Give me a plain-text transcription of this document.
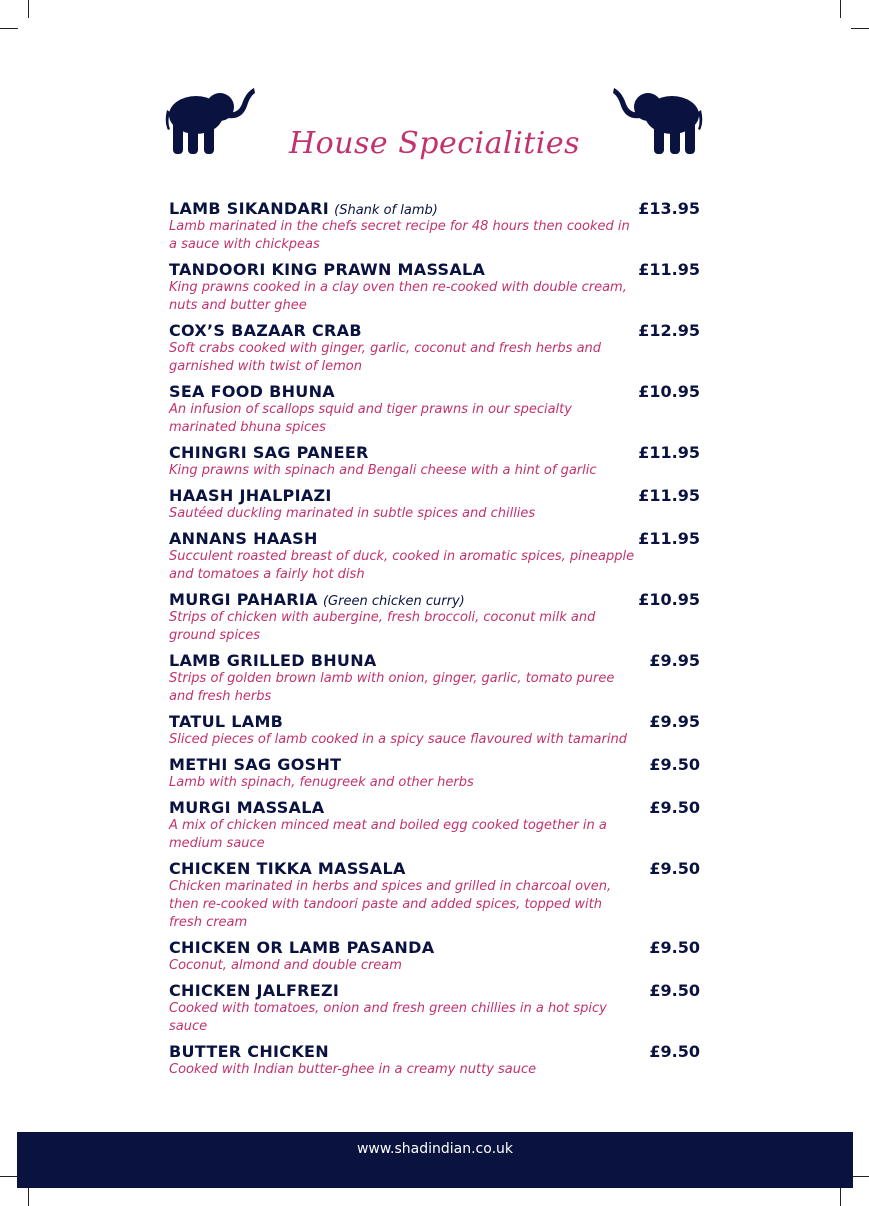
House Specialities
LAMB SIKANDARI (Shank of lamb)	£13.95
Lamb marinated in the chefs secret recipe for 48 hours then cooked in a sauce with chickpeas
TANDOORI KING PRAWN MASSALA	£11.95
King prawns cooked in a clay oven then re-cooked with double cream, nuts and butter ghee
COX’S BAZAAR CRAB	£12.95
Soft crabs cooked with ginger, garlic, coconut and fresh herbs and garnished with twist of lemon
SEA FOOD BHUNA	£10.95
An infusion of scallops squid and tiger prawns in our specialty marinated bhuna spices
CHINGRI SAG PANEER	£11.95
King prawns with spinach and Bengali cheese with a hint of garlic
HAASH JHALPIAZI	£11.95
Sautéed duckling marinated in subtle spices and chillies
ANNANS HAASH	£11.95
Succulent roasted breast of duck, cooked in aromatic spices, pineapple and tomatoes a fairly hot dish
MURGI PAHARIA (Green chicken curry)	£10.95
Strips of chicken with aubergine, fresh broccoli, coconut milk and ground spices
LAMB GRILLED BHUNA	£9.95
Strips of golden brown lamb with onion, ginger, garlic, tomato puree and fresh herbs
TATUL LAMB	£9.95
Sliced pieces of lamb cooked in a spicy sauce flavoured with tamarind
METHI SAG GOSHT	£9.50
Lamb with spinach, fenugreek and other herbs
MURGI MASSALA	£9.50
A mix of chicken minced meat and boiled egg cooked together in a medium sauce
CHICKEN TIKKA MASSALA	£9.50
Chicken marinated in herbs and spices and grilled in charcoal oven, then re-cooked with tandoori paste and added spices, topped with fresh cream
CHICKEN OR LAMB PASANDA	£9.50
Coconut, almond and double cream
CHICKEN JALFREZI	£9.50
Cooked with tomatoes, onion and fresh green chillies in a hot spicy sauce
BUTTER CHICKEN	£9.50
Cooked with Indian butter-ghee in a creamy nutty sauce
www.shadindian.co.uk
